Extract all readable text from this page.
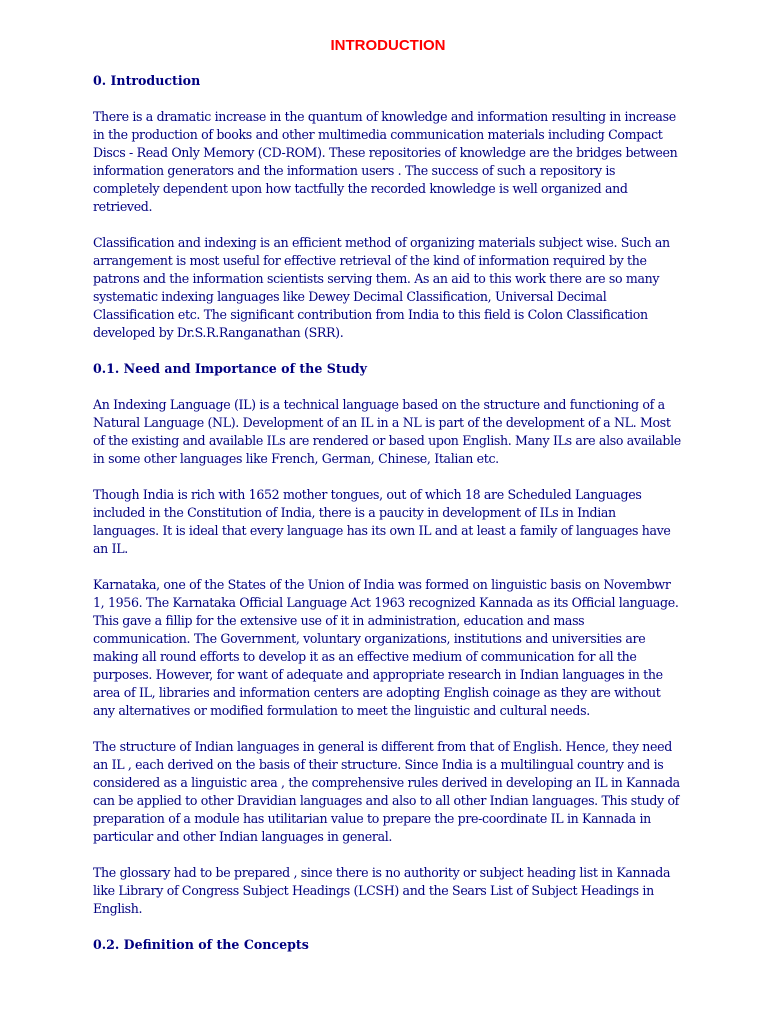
INTRODUCTION
0. Introduction

There is a dramatic increase in the quantum of knowledge and information resulting in increase in the production of books and other multimedia communication materials including Compact Discs - Read Only Memory (CD-ROM). These repositories of knowledge are the bridges between information generators and the information users . The success of such a repository is completely dependent upon how tactfully the recorded knowledge is well organized and retrieved.

Classification and indexing is an efficient method of organizing materials subject wise. Such an arrangement is most useful for effective retrieval of the kind of information required by the patrons and the information scientists serving them. As an aid to this work there are so many systematic indexing languages like Dewey Decimal Classification, Universal Decimal Classification etc. The significant contribution from India to this field is Colon Classification developed by Dr.S.R.Ranganathan (SRR).

0.1. Need and Importance of the Study

An Indexing Language (IL) is a technical language based on the structure and functioning of a Natural Language (NL). Development of an IL in a NL is part of the development of a NL. Most of the existing and available ILs are rendered or based upon English. Many ILs are also available in some other languages like French, German, Chinese, Italian etc.

Though India is rich with 1652 mother tongues, out of which 18 are Scheduled Languages included in the Constitution of India, there is a paucity in development of ILs in Indian languages. It is ideal that every language has its own IL and at least a family of languages have an IL.

Karnataka, one of the States of the Union of India was formed on linguistic basis on Novembwr 1, 1956. The Karnataka Official Language Act 1963 recognized Kannada as its Official language. This gave a fillip for the extensive use of it in administration, education and mass communication. The Government, voluntary organizations, institutions and universities are making all round efforts to develop it as an effective medium of communication for all the purposes. However, for want of adequate and appropriate research in Indian languages in the area of IL, libraries and information centers are adopting English coinage as they are without any alternatives or modified formulation to meet the linguistic and cultural needs.

The structure of Indian languages in general is different from that of English. Hence, they need an IL , each derived on the basis of their structure. Since India is a multilingual country and is considered as a linguistic area , the comprehensive rules derived in developing an IL in Kannada can be applied to other Dravidian languages and also to all other Indian languages. This study of preparation of a module has utilitarian value to prepare the pre-coordinate IL in Kannada in particular and other Indian languages in general.

The glossary had to be prepared , since there is no authority or subject heading list in Kannada like Library of Congress Subject Headings (LCSH) and the Sears List of Subject Headings in English.

0.2. Definition of the Concepts
